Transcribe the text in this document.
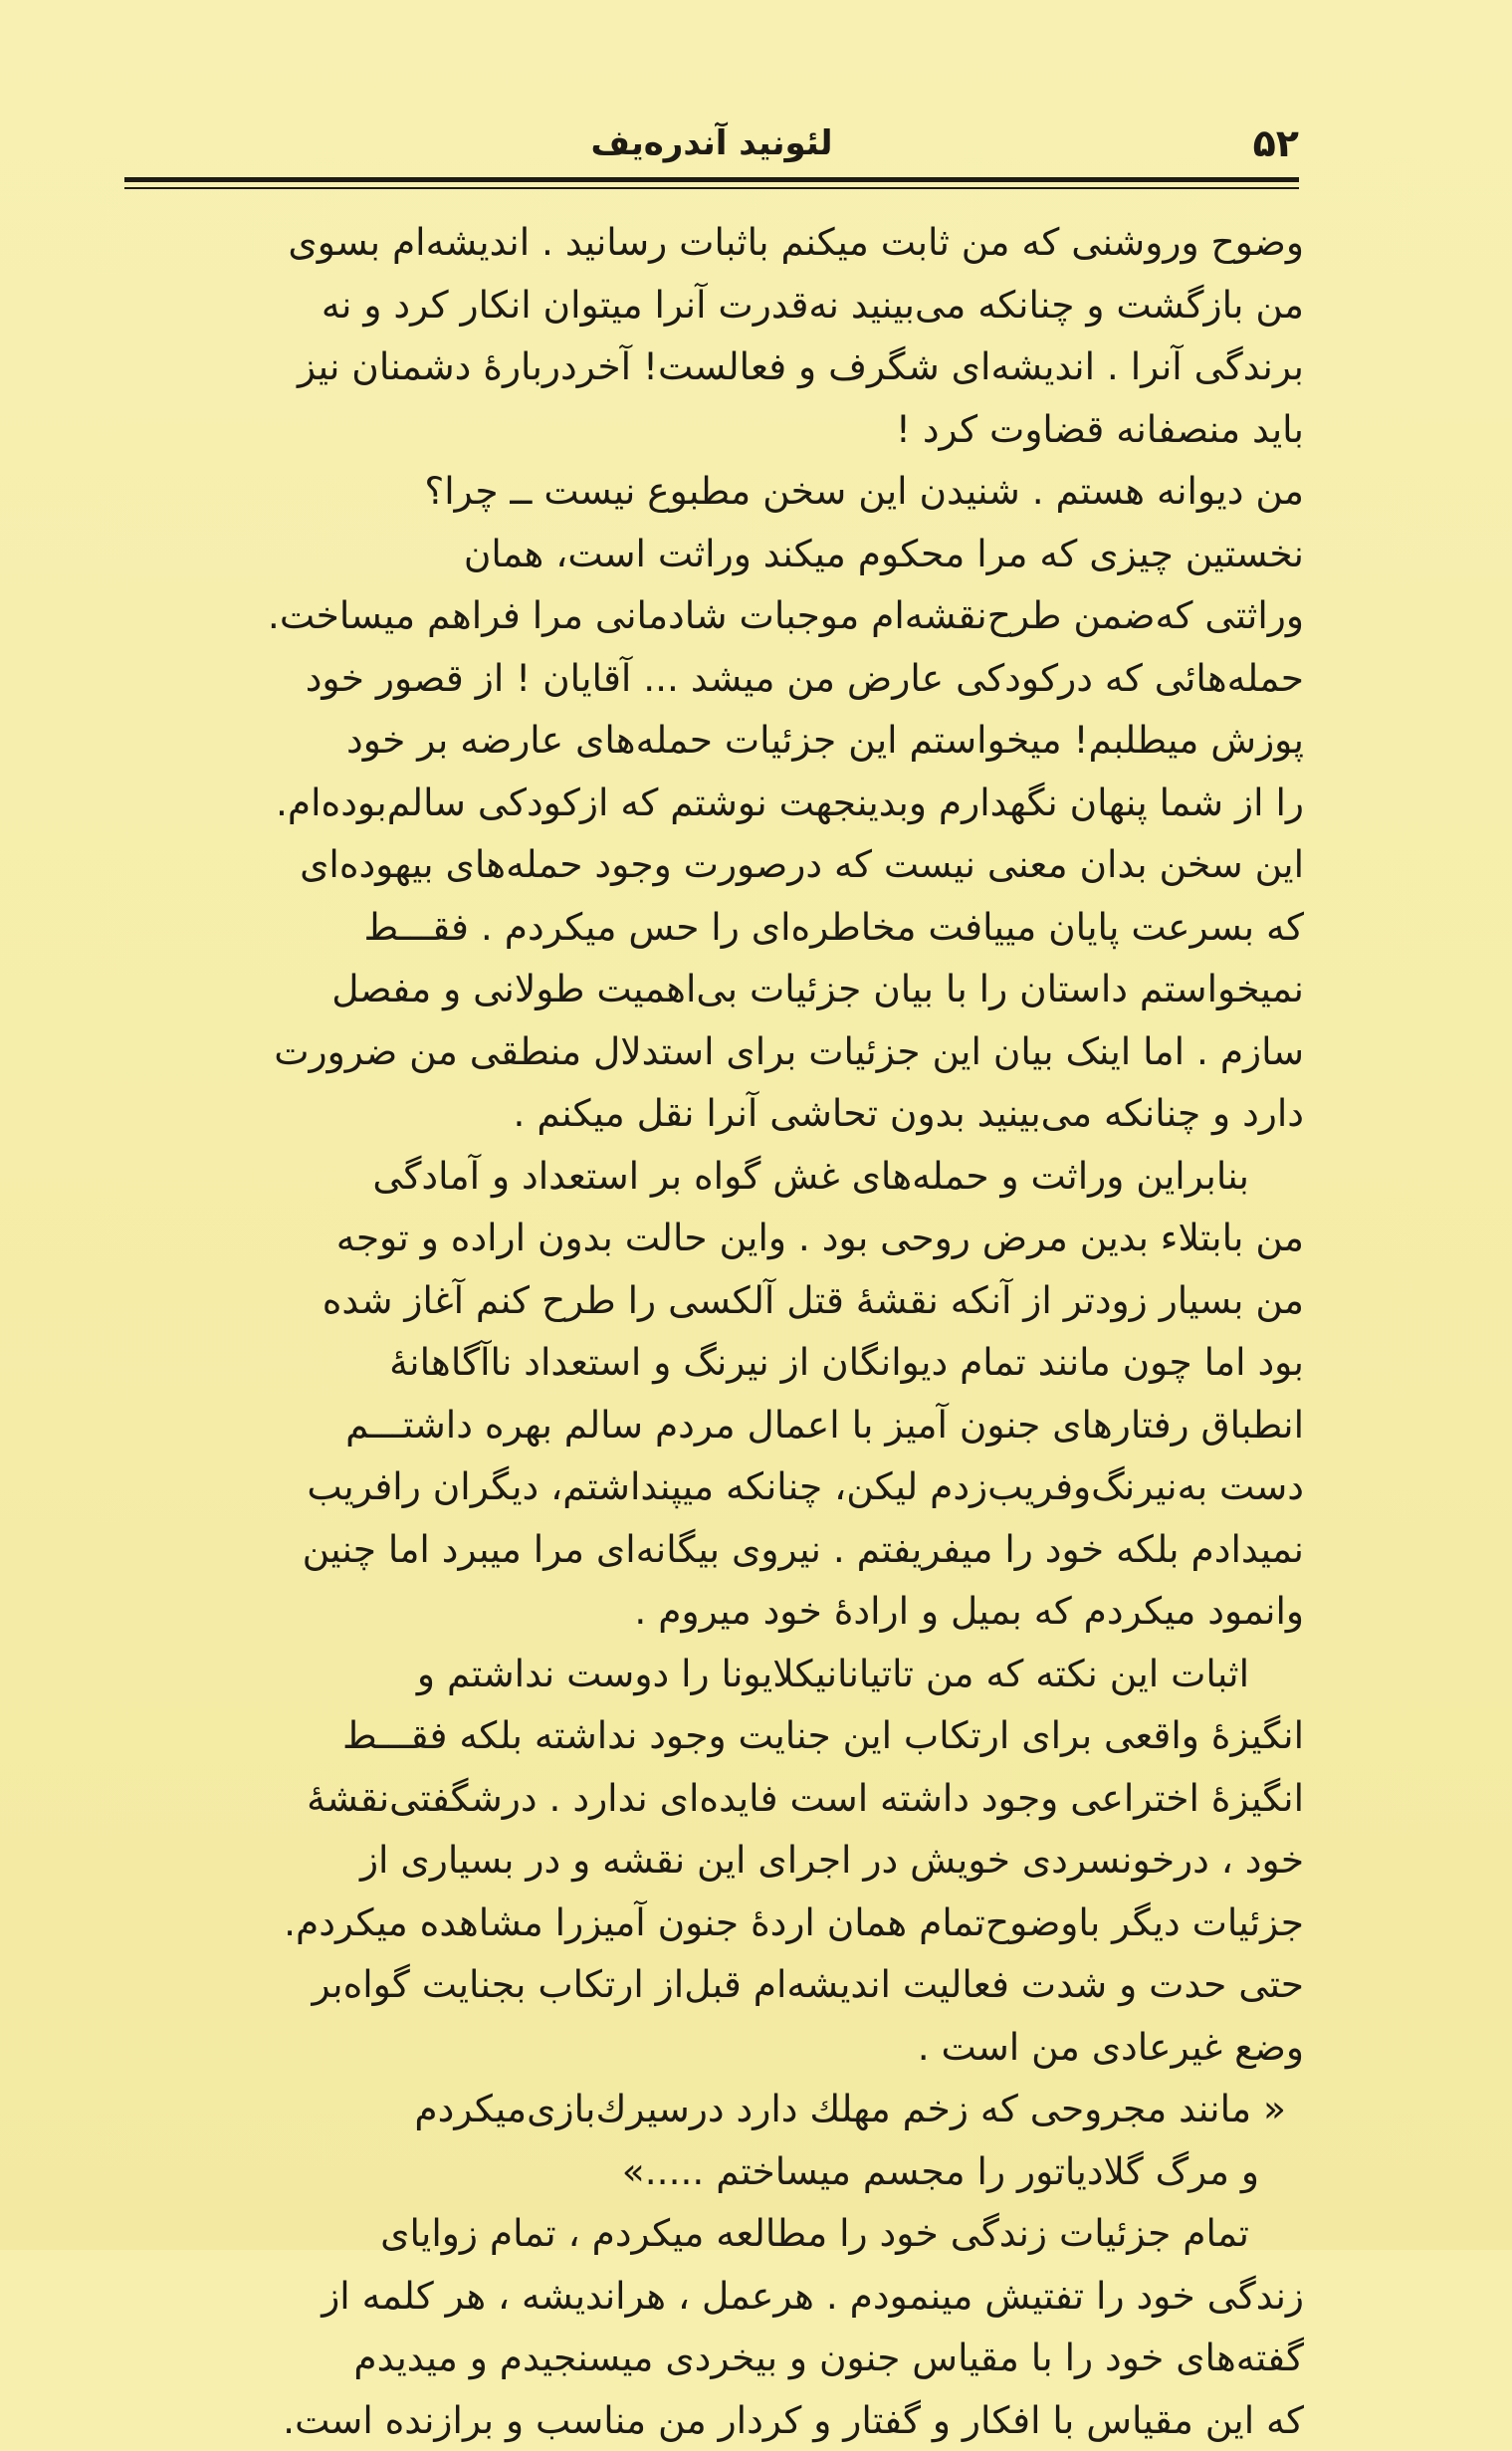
۵۲
لئونید آندره‌یف

وضوح وروشنی که من ثابت میکنم باثبات رسانید . اندیشه‌ام بسوی
من بازگشت و چنانکه می‌بینید نه‌قدرت آنرا میتوان انکار کرد و نه
برندگی آنرا . اندیشه‌ای شگرف و فعالست! آخردربارهٔ دشمنان نیز
باید منصفانه قضاوت کرد !

من دیوانه هستم . شنیدن این سخن مطبوع نیست ــ چرا؟
نخستین چیزی که مرا محکوم میکند وراثت است، همان
وراثتی که‌ضمن طرح‌نقشه‌ام موجبات شادمانی مرا فراهم میساخت.
حمله‌هائی که درکودکی عارض من میشد ... آقایان ! از قصور خود
پوزش میطلبم! میخواستم این جزئیات حمله‌های عارضه بر خود
را از شما پنهان نگهدارم وبدینجهت نوشتم که ازکودکی سالم‌بوده‌ام.
این سخن بدان معنی نیست که درصورت وجود حمله‌های بیهوده‌ای
که بسرعت پایان مییافت مخاطره‌ای را حس میکردم . فقـــط
نمیخواستم داستان را با بیان جزئیات بی‌اهمیت طولانی و مفصل
سازم . اما اینک بیان این جزئیات برای استدلال منطقی من ضرورت
دارد و چنانکه می‌بینید بدون تحاشی آنرا نقل میکنم .

بنابراین وراثت و حمله‌های غش گواه بر استعداد و آمادگی
من بابتلاء بدین مرض روحی بود . واین حالت بدون اراده و توجه
من بسیار زودتر از آنکه نقشهٔ قتل آلکسی را طرح کنم آغاز شده
بود اما چون مانند تمام دیوانگان از نیرنگ و استعداد ناآگاهانهٔ
انطباق رفتارهای جنون آمیز با اعمال مردم سالم بهره داشتـــم
دست به‌نیرنگ‌وفریب‌زدم لیکن، چنانکه میپنداشتم، دیگران رافریب
نمیدادم بلکه خود را میفریفتم . نیروی بیگانه‌ای مرا میبرد اما چنین
وانمود میکردم که بمیل و ارادهٔ خود میروم .

اثبات این نکته که من تاتیانانیکلایونا را دوست نداشتم و
انگیزهٔ واقعی برای ارتکاب این جنایت وجود نداشته بلکه فقـــط
انگیزهٔ اختراعی وجود داشته است فایده‌ای ندارد . درشگفتی‌نقشهٔ
خود ، درخونسردی خویش در اجرای این نقشه و در بسیاری از
جزئیات دیگر باوضوح‌تمام همان اردهٔ جنون آمیزرا مشاهده میکردم.
حتی حدت و شدت فعالیت اندیشه‌ام قبل‌از ارتکاب بجنایت گواه‌بر
وضع غیرعادی من است .

« مانند مجروحی که زخم مهلك دارد درسیرك‌بازی‌میکردم
و مرگ گلادیاتور را مجسم میساختم .....»

تمام جزئیات زندگی خود را مطالعه میکردم ، تمام زوایای
زندگی خود را تفتیش مینمودم . هرعمل ، هراندیشه ، هر کلمه از
گفته‌های خود را با مقیاس جنون و بیخردی میسنجیدم و میدیدم
که این مقیاس با افکار و گفتار و کردار من مناسب و برازنده است.
